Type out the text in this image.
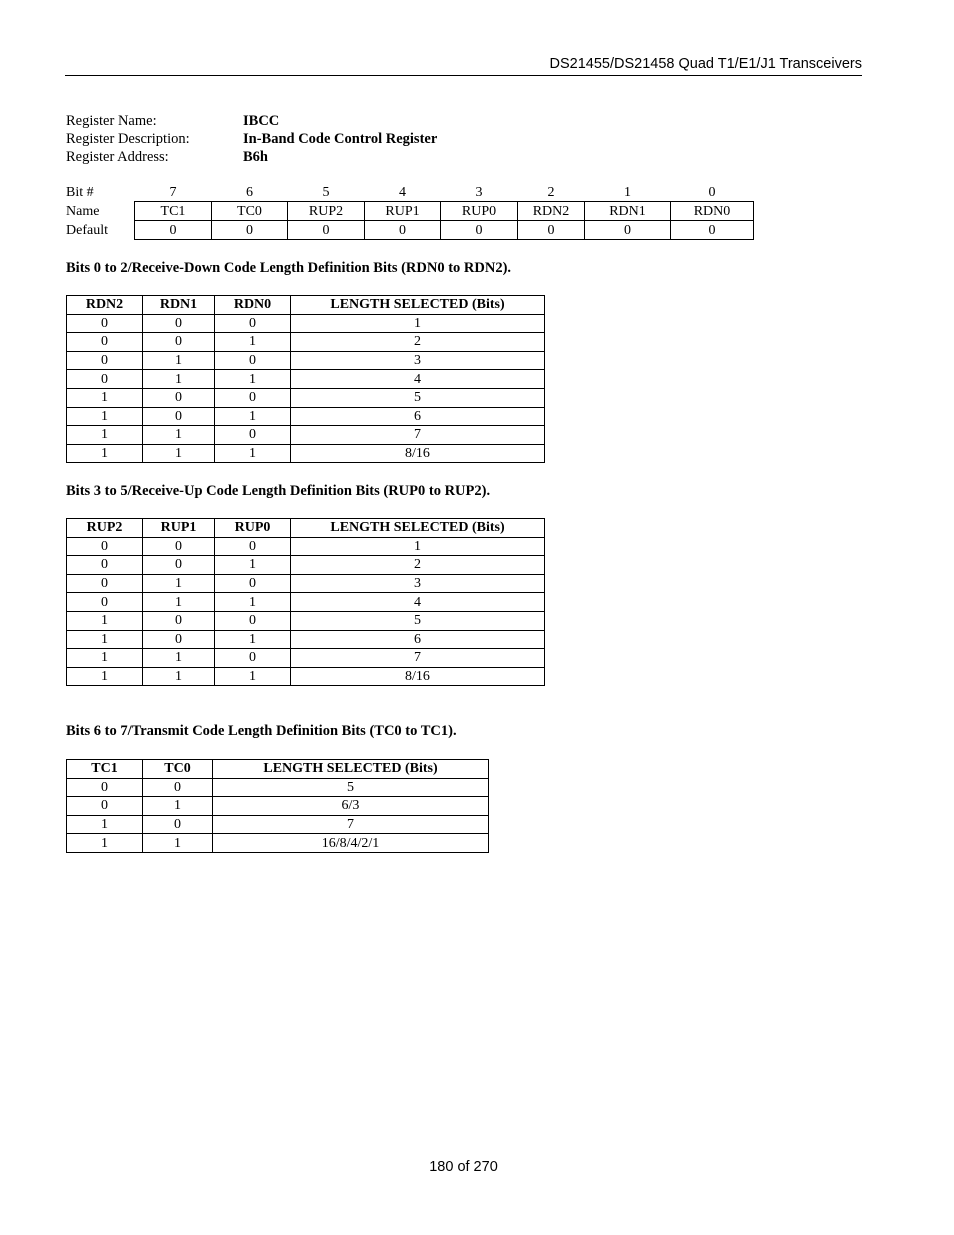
DS21455/DS21458 Quad T1/E1/J1 Transceivers
Register Name:	IBCC
Register Description:	In-Band Code Control Register
Register Address:	B6h
Bit #	7	6	5	4	3	2	1	0
Name	TC1	TC0	RUP2	RUP1	RUP0	RDN2	RDN1	RDN0
Default	0	0	0	0	0	0	0	0
Bits 0 to 2/Receive-Down Code Length Definition Bits (RDN0 to RDN2).
RDN2	RDN1	RDN0	LENGTH SELECTED (Bits)
0	0	0	1
0	0	1	2
0	1	0	3
0	1	1	4
1	0	0	5
1	0	1	6
1	1	0	7
1	1	1	8/16
Bits 3 to 5/Receive-Up Code Length Definition Bits (RUP0 to RUP2).
RUP2	RUP1	RUP0	LENGTH SELECTED (Bits)
0	0	0	1
0	0	1	2
0	1	0	3
0	1	1	4
1	0	0	5
1	0	1	6
1	1	0	7
1	1	1	8/16
Bits 6 to 7/Transmit Code Length Definition Bits (TC0 to TC1).
TC1	TC0	LENGTH SELECTED (Bits)
0	0	5
0	1	6/3
1	0	7
1	1	16/8/4/2/1
180 of 270
